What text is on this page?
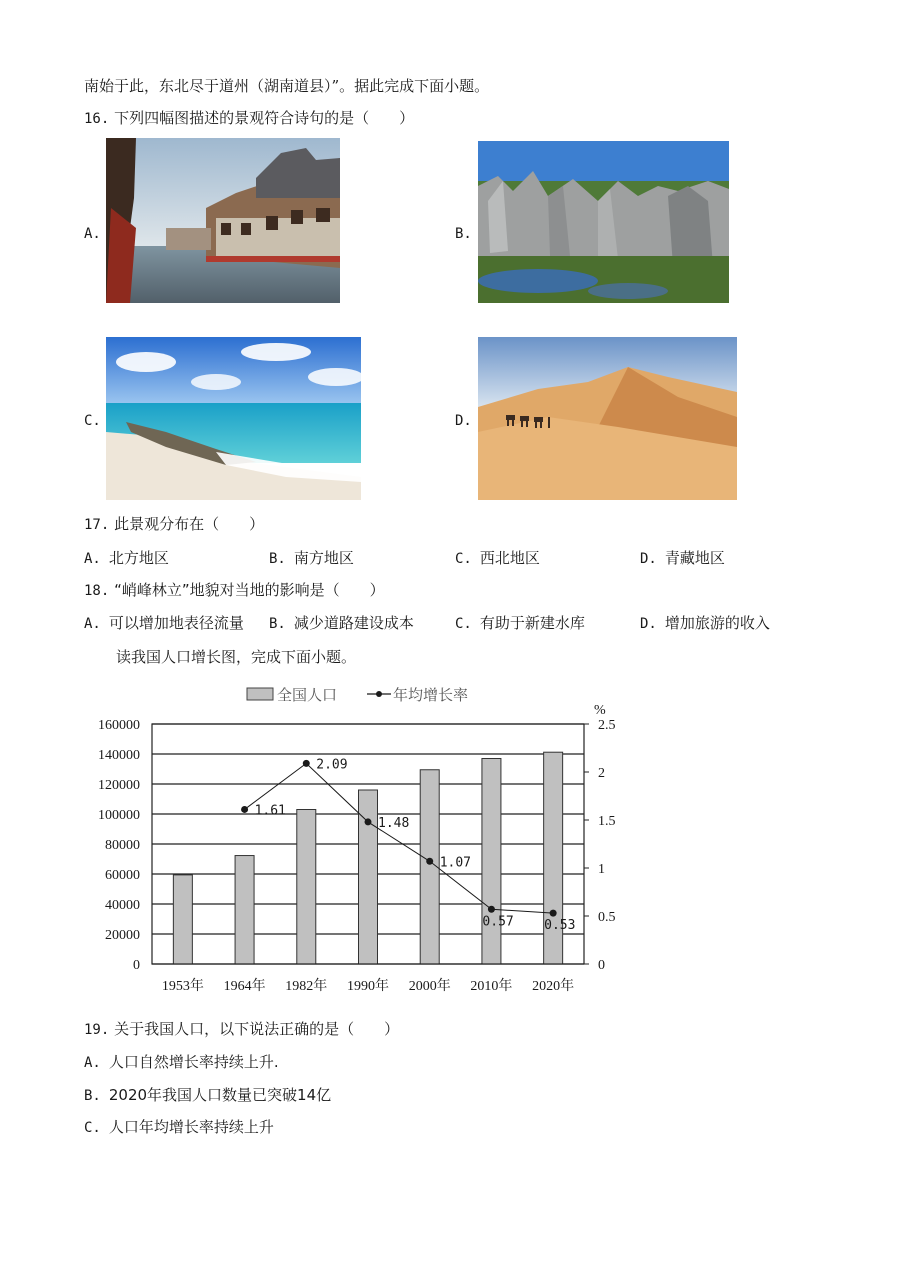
南始于此，东北尽于道州（湖南道县）”。据此完成下面小题。
16. 下列四幅图描述的景观符合诗句的是（　　）
A.	B.
C.	D.
17. 此景观分布在（　　）
A. 北方地区	B. 南方地区	C. 西北地区	D. 青藏地区
18. “峭峰林立”地貌对当地的影响是（　　）
A. 可以增加地表径流量 B. 减少道路建设成本	C. 有助于新建水库	D. 增加旅游的收入
读我国人口增长图，完成下面小题。
全国人口	年均增长率
1.61
2.09
1.48
1.07
0.57 0.53
%
0
20000
40000
60000
80000
100000
120000
140000
160000
0
0.5
1
1.5
2
2.5
1953年 1964年 1982年 1990年 2000年 2010年 2020年
19. 关于我国人口，以下说法正确的是（　　）
A. 人口自然增长率持续上升.
B. 2020年我国人口数量已突破14亿
C. 人口年均增长率持续上升
